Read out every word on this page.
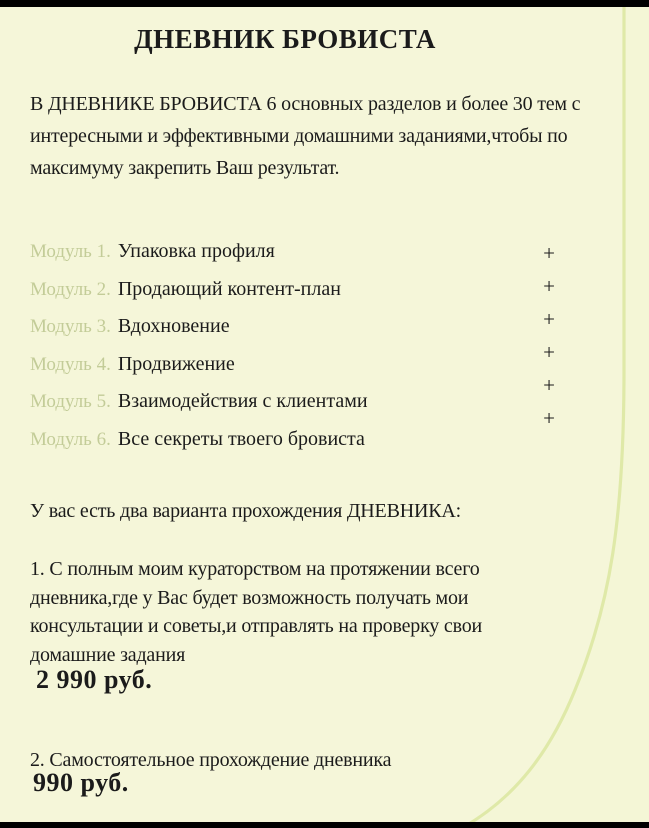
ДНЕВНИК БРОВИСТА
В ДНЕВНИКЕ БРОВИСТА 6 основных разделов и более 30 тем с
интересными и эффективными домашними заданиями,чтобы по
максимуму закрепить Ваш результат.
Модуль 1. Упаковка профиля
Модуль 2. Продающий контент-план
Модуль 3. Вдохновение
Модуль 4. Продвижение
Модуль 5. Взаимодействия с клиентами
Модуль 6. Все секреты твоего бровиста
+
+
+
+
+
+
У вас есть два варианта прохождения ДНЕВНИКА:
1. С полным моим кураторством на протяжении всего
дневника,где у Вас будет возможность получать мои
консультации и советы,и отправлять на проверку свои
домашние задания
2 990 руб.
2. Самостоятельное прохождение дневника
990 руб.
